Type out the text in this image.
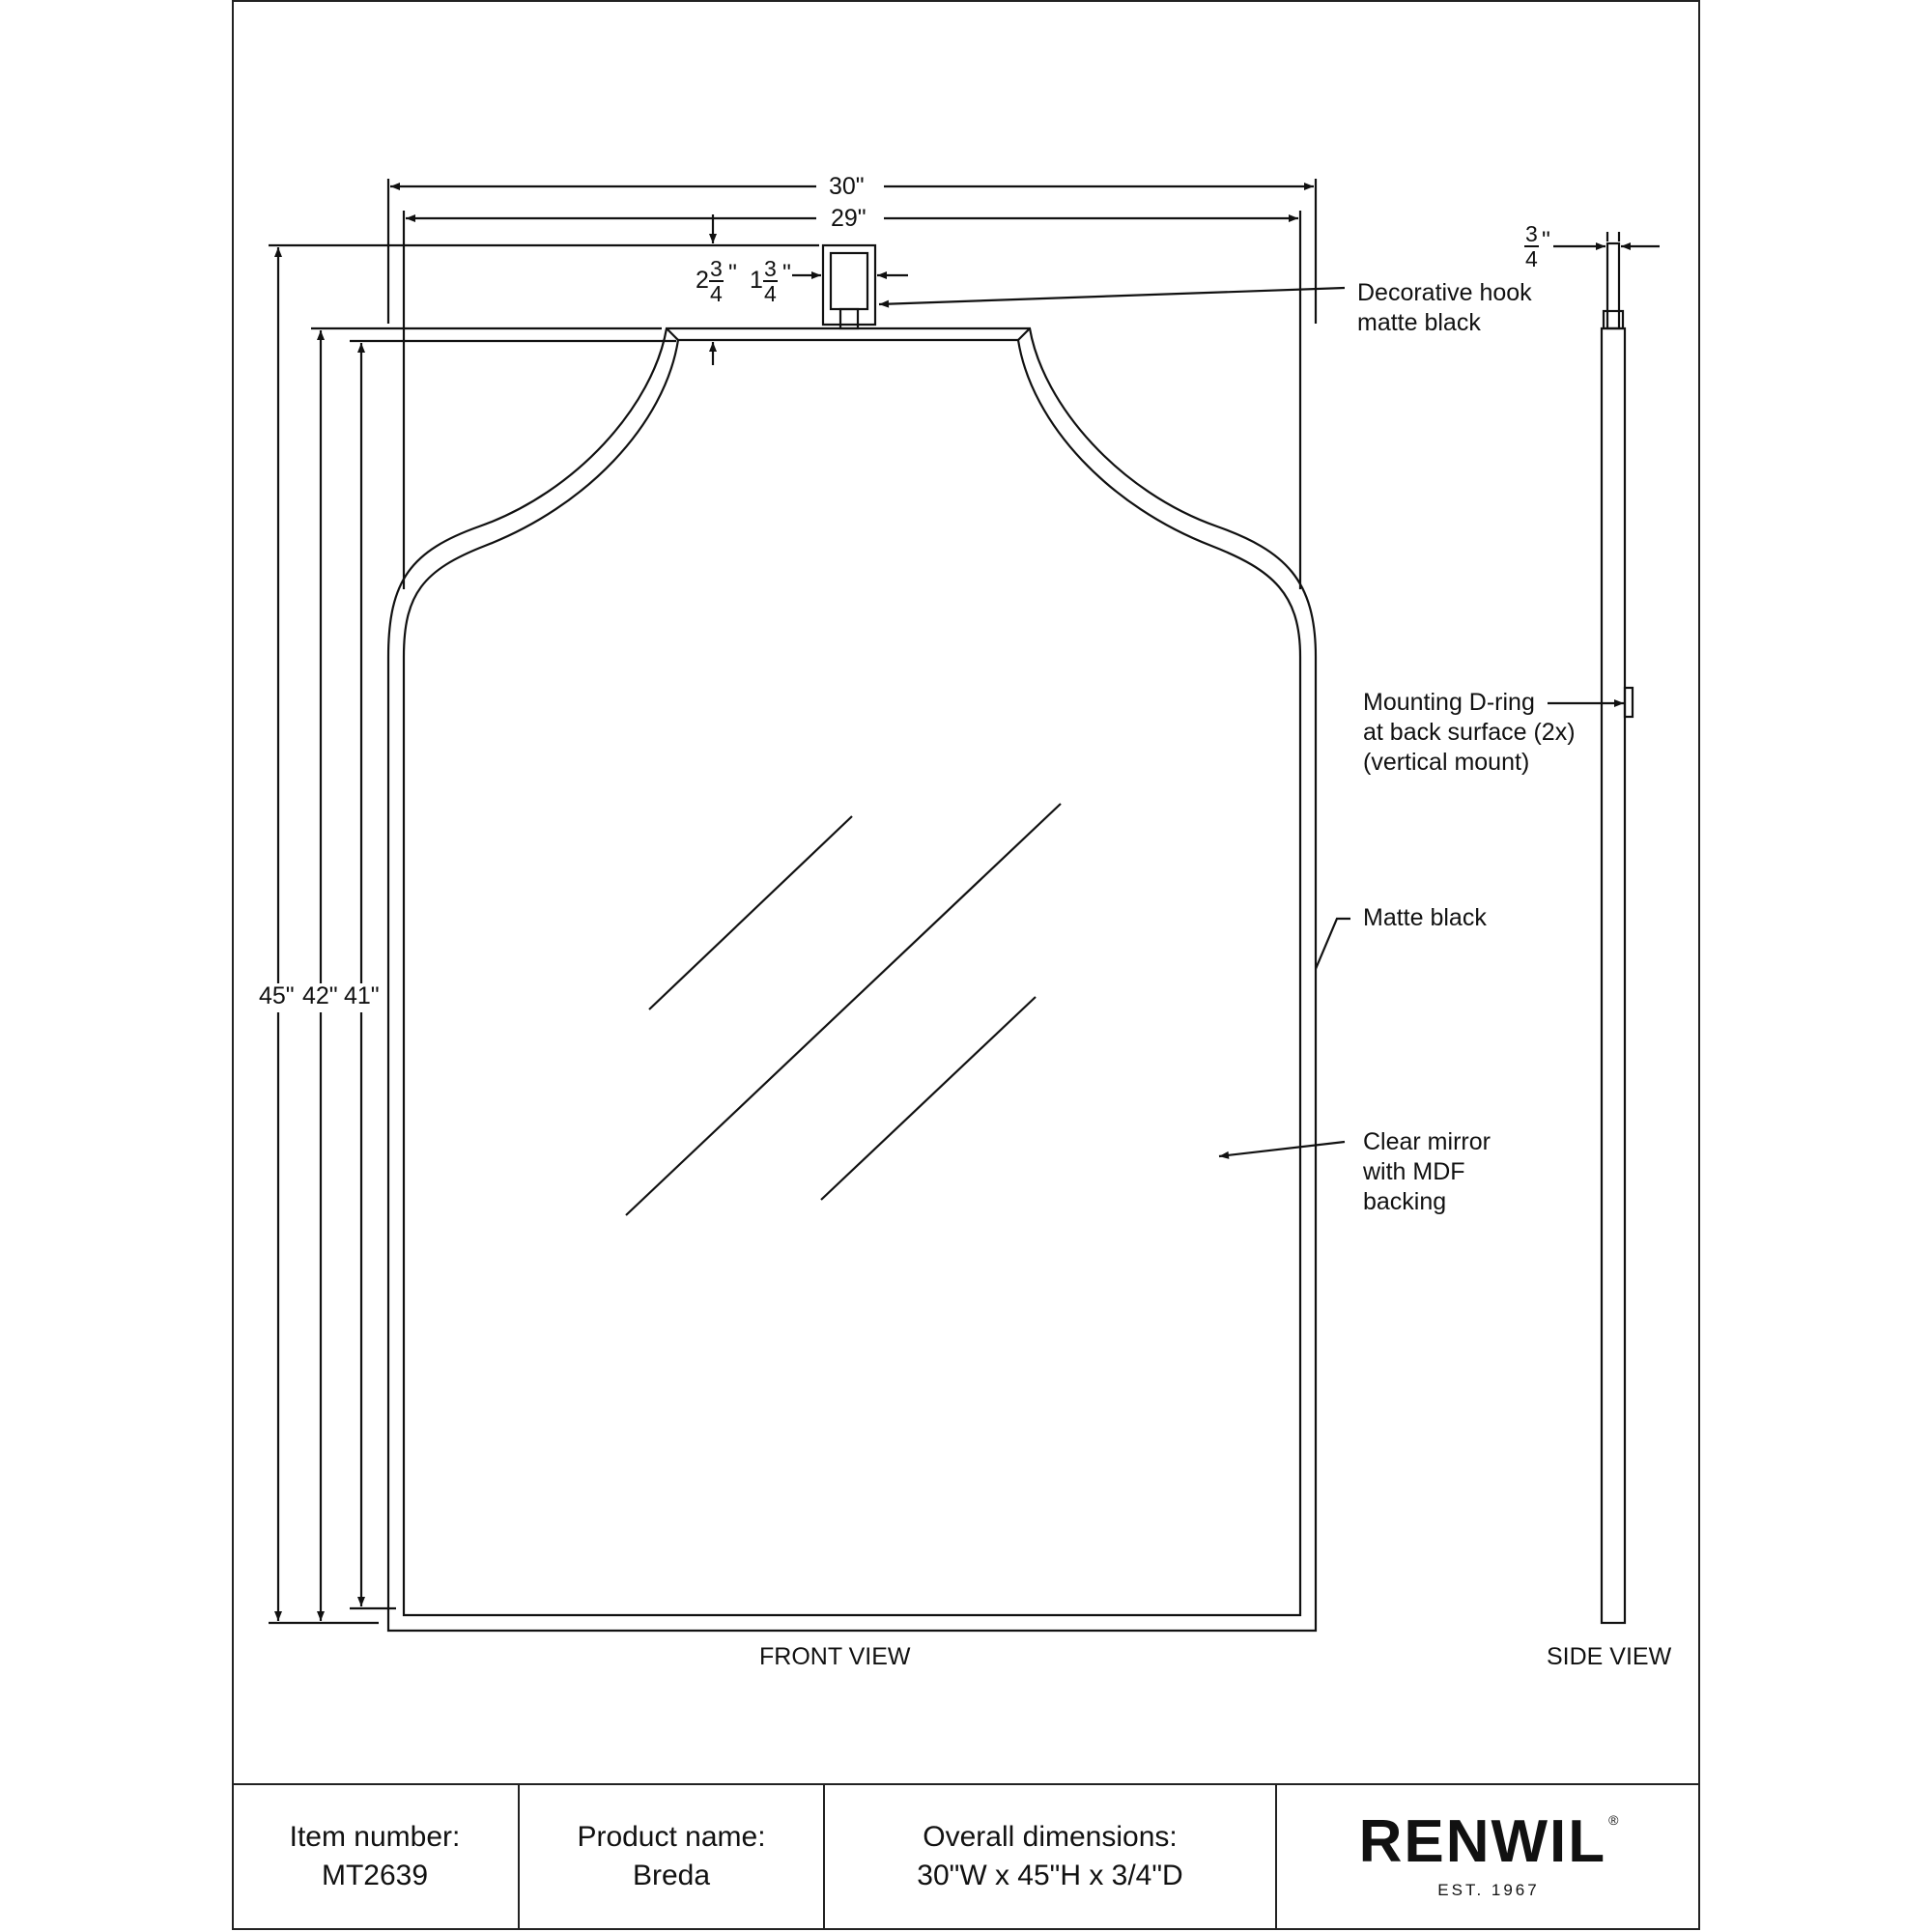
30"
29"
45" 42" 41"
$2 \frac{3}{4}$ " $1 \frac{3}{4}$ "
$\frac{3}{4}$ "
Decorative hook
matte black
Mounting D-ring
at back surface (2x)
(vertical mount)
Matte black
Clear mirror
with MDF
backing
FRONT VIEW	SIDE VIEW
Item number:
MT2639
Product name:
Breda
Overall dimensions:
30"W x 45"H x 3/4"D
RENWIL ®
EST. 1967
